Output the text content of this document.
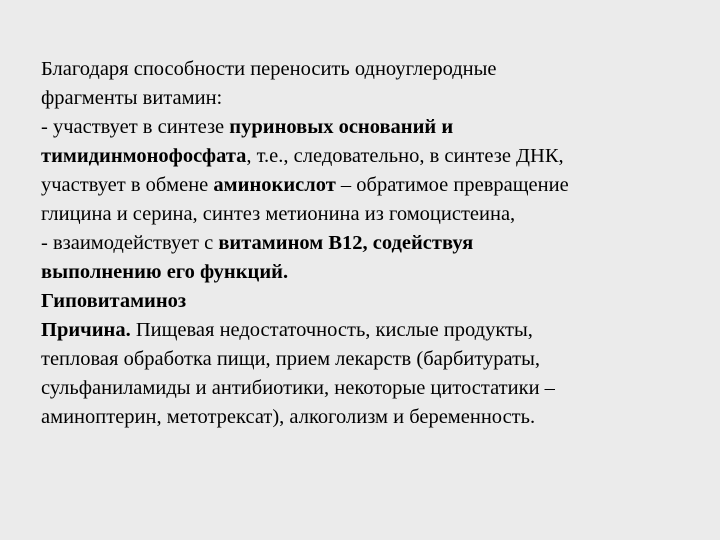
Благодаря способности переносить одноуглеродные
фрагменты витамин:
- участвует в синтезе пуриновых оснований и
тимидинмонофосфата, т.е., следовательно, в синтезе ДНК,
участвует в обмене аминокислот – обратимое превращение
глицина и серина, синтез метионина из гомоцистеина,
- взаимодействует с витамином В12, содействуя
выполнению его функций.
Гиповитаминоз
Причина. Пищевая недостаточность, кислые продукты,
тепловая обработка пищи, прием лекарств (барбитураты,
сульфаниламиды и антибиотики, некоторые цитостатики –
аминоптерин, метотрексат), алкоголизм и беременность.
